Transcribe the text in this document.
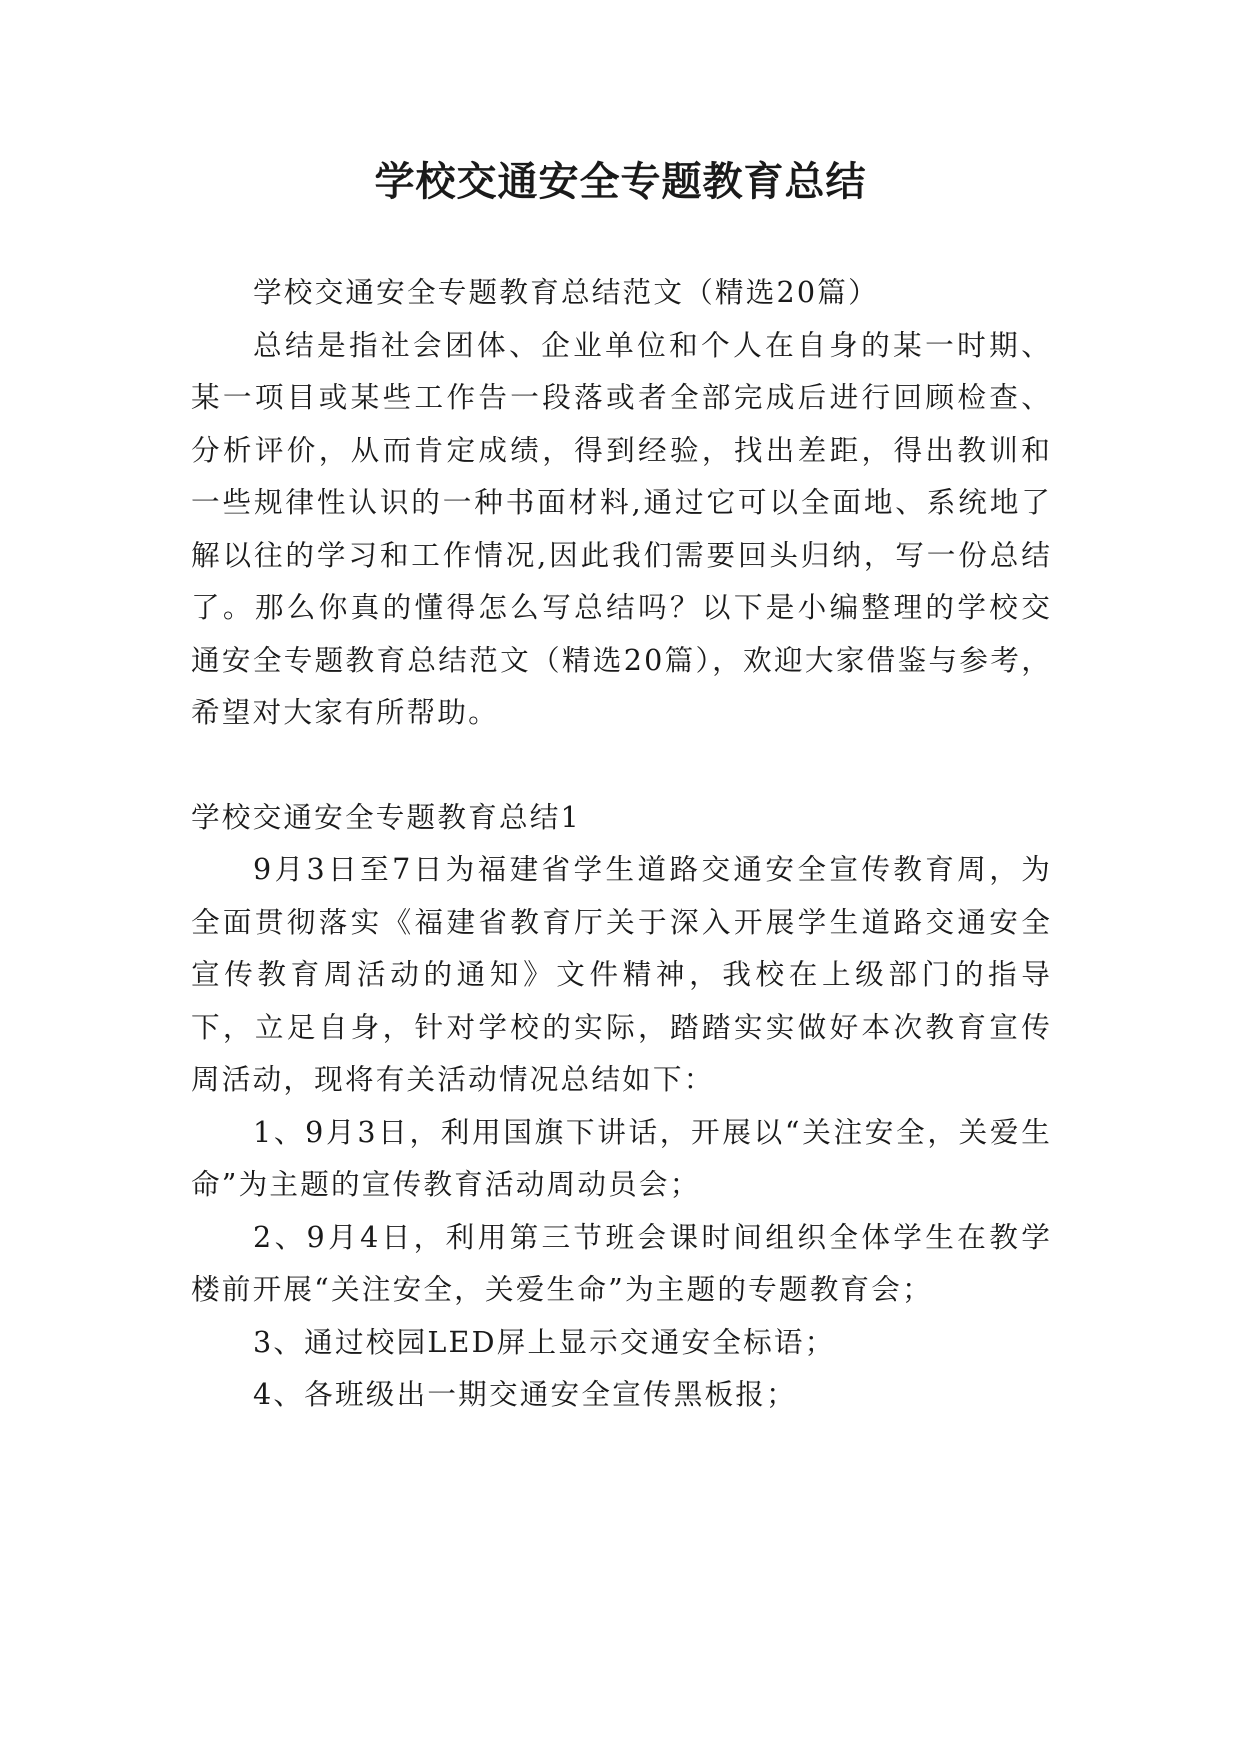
学校交通安全专题教育总结

学校交通安全专题教育总结范文（精选20篇）

总结是指社会团体、企业单位和个人在自身的某一时期、某一项目或某些工作告一段落或者全部完成后进行回顾检查、分析评价，从而肯定成绩，得到经验，找出差距，得出教训和一些规律性认识的一种书面材料,通过它可以全面地、系统地了解以往的学习和工作情况,因此我们需要回头归纳，写一份总结了。那么你真的懂得怎么写总结吗？以下是小编整理的学校交通安全专题教育总结范文（精选20篇），欢迎大家借鉴与参考，希望对大家有所帮助。

学校交通安全专题教育总结1

9月3日至7日为福建省学生道路交通安全宣传教育周，为全面贯彻落实《福建省教育厅关于深入开展学生道路交通安全宣传教育周活动的通知》文件精神，我校在上级部门的指导下，立足自身，针对学校的实际，踏踏实实做好本次教育宣传周活动，现将有关活动情况总结如下：

1、9月3日，利用国旗下讲话，开展以“关注安全，关爱生命”为主题的宣传教育活动周动员会；

2、9月4日，利用第三节班会课时间组织全体学生在教学楼前开展“关注安全，关爱生命”为主题的专题教育会；

3、通过校园LED屏上显示交通安全标语；

4、各班级出一期交通安全宣传黑板报；
